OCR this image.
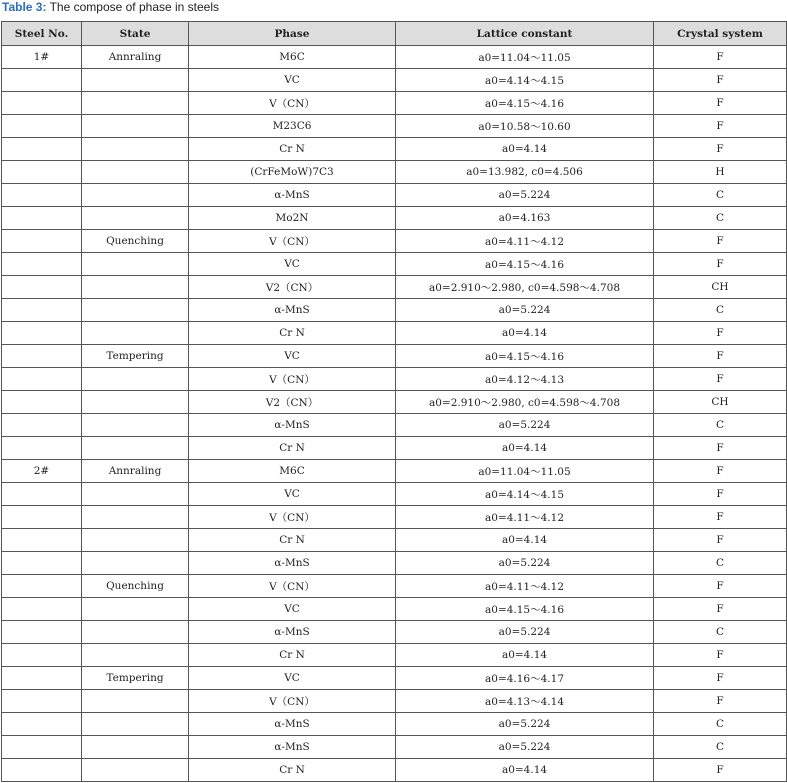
Table 3: The compose of phase in steels
Steel No.	State	Phase	Lattice constant	Crystal system
1#	Annraling	M6C	a0=11.04～11.05	F
		VC	a0=4.14～4.15	F
		V（CN）	a0=4.15～4.16	F
		M23C6	a0=10.58～10.60	F
		Cr N	a0=4.14	F
		(CrFeMoW)7C3	a0=13.982, c0=4.506	H
		α-MnS	a0=5.224	C
		Mo2N	a0=4.163	C
	Quenching	V（CN）	a0=4.11～4.12	F
		VC	a0=4.15～4.16	F
		V2（CN）	a0=2.910～2.980, c0=4.598～4.708	CH
		α-MnS	a0=5.224	C
		Cr N	a0=4.14	F
	Tempering	VC	a0=4.15～4.16	F
		V（CN）	a0=4.12～4.13	F
		V2（CN）	a0=2.910～2.980, c0=4.598～4.708	CH
		α-MnS	a0=5.224	C
		Cr N	a0=4.14	F
2#	Annraling	M6C	a0=11.04～11.05	F
		VC	a0=4.14～4.15	F
		V（CN）	a0=4.11～4.12	F
		Cr N	a0=4.14	F
		α-MnS	a0=5.224	C
	Quenching	V（CN）	a0=4.11～4.12	F
		VC	a0=4.15～4.16	F
		α-MnS	a0=5.224	C
		Cr N	a0=4.14	F
	Tempering	VC	a0=4.16～4.17	F
		V（CN）	a0=4.13～4.14	F
		α-MnS	a0=5.224	C
		α-MnS	a0=5.224	C
		Cr N	a0=4.14	F
